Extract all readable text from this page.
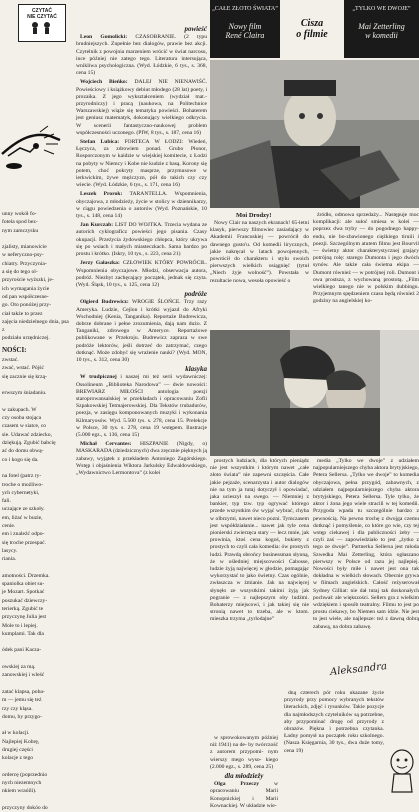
CZYTAĆ
NIE CZYTAĆ
unny wokół fo-
fotela spod bez-
nym zamczysku

zjalisty, mianowicie
w neferyczno-psy-
chiatry. Przyczynia-
a się do tego ol-
przyroście wyższki, je-
ich wymagania życie
od pan współczesne-
go. Oto ponóżej przy-
ciał także to przez
zajęcia niedzielnego dnia, psa z
podziału urzędniczej.
NOŚCI:
zwstać.
zwać, wstać. Pójść
się zacznie się krzą-

erwszym śniadaniu.

w zakupach. W
czy osoba stojąca
czasem w siatce, co
sie. Udawać zdziecko,
dziękują. Zgubić babcię
ać do domu obwą-
co i kogo się da.

na fotel (patrz ry-
troche o możliwo-
ych cybernetyki,
fali.
uczające ze szkoły.
em, liżać w buzie,
cenie.
em i znaleźć odpo-
się troche przespać.
lasycy.
riania.

amotności. Drzemka.
spaniolka obiet su-
je Mozart. Spotkać
poszukać dziewczy-
terierką. Zgubić te
przyczynę Julia jest
Mole to i lepiej.
kumplami. Tak dla

ódek pani Kacza-

owskiej za mą.
zanowskiej i wleść

zatać klapsa, poba-
m — jemu się też
rzy czy kląsa.
domu, by przygo-

ał w kolacji.
Najlepiej Kobrę,
drugiej części
kolacje z tego

ordercę (poprzednio
nych niezemnych
nkiem wraóili).

przyczyny dokóo do
powieść

Leon Gomolicki: CZASOBRANIE. (2 typu brudniejszych. Zupełnie bez dialogów, prawie bez akcji. Czytelnik z powojnia marzeniem wrócić w świat narcosu, ince później nie zatego tego. Literatura intersująca, wnikliwa psychologiczna. (Wyd. Łódzkie, 6 tys., s. 368, cena 15)

Wojciech Bieńko: DALEJ NIE NIENAWIŚĆ. Powieściowy i książkowy debiut młodego (28 lat) poety, i prozaika. Z jego wykształceniem (wydział mat.-przyrodniczy) i pracą (naukowa, na Politechnice Warszawskiej) wiąże się tematyka powieści. Bohaterem jest geniusz matematyk, dokonujący wielkiego odkrycia. W scenerii fantastyczno-naukowej problem współczesności uczonego. (PIW, 8 tys., s. 187, cena 16)

Stefan Lubica: FORTECA W ŁODZI: Wiedeń, Łęczyca, za zdrowiem ponad. Grubo Płonor, Rosporczonym w kaidzie w wiejskiej komitecie, z Łodzi na pobyty w Niemcy i Kobe nie kudzie z basą. Korony się potem, choć pokryty masprze, przymusowe w ierkwickim, żywe mężczyzn, pół do takich czy czy wiecie. (Wyd. Łódzkie, 6 tys., s. 171, cena 16)

Leszek Prorok: TARANTELLA. Wspomnienia, obyczajowa, z młodzieży, życie w stolicy w dziennikarzy, w ciągu powiedzenia o autorów (Wyd. Poznańskie, 10 tys., s. 148, cena 14)

Jan Kurczab: LIST DO WOJTKA. Trzecia wydana ze autorich cyklograficz powieści jego pisania. Czasy okupacji. Przeżycia żydowskiego chłopca, który ukrywa się po wsiach i małych miasteczkach. Sama bardzo po prostu i krótko. (Iskry, 10 tys., s. 223, cena 21)

Jerzy Gałaszka: CZŁOWIEK KTÓRY POWRÓCIŁ. Wspomnienia obyczajowe. Młodzi, obserwacja autora, podróż. Niezbyt zachęcający początek, jednak się czyta. (Wyd. Śląsk, 10 tys., s. 125, cena 12)

podróże

Olgierd Budrewicz: WROGIE ŚLOŃCE. Trzy razy Ameryka. Ludzie, Cejlon i krótki wyjazd do Afryki Wschodniej (Kenia, Tanganika). Reportaże Budrewicza, dobrze dobrane i pełne zrozumienia, dają nam dużo. Z Tanganiki, zdrowego w Ameryce. Reportażowe publikowane w Przekroju. Budrewicz zapraza w swe podróże lektorów, jeśli dotrzeć do zatrzymać, czego dotknąć. Może zdobyć się wrażenie nauki? (Wyd. MON, 10 tys., s. 312, cena 30)

klasyka

W trudpicznej i naszej mi też serii wydawniczej: Ossolineum „Biblioteka Narodowa” — dwie nowości: BREWIARZ MIŁOŚCI antologia poezji staroprowansalskiej w przekładach i opracowaniu Zofii Szpakowskiej Tetmajerowskiej. Dla Tekstów trubadurów, poezja, w zasięgu komponowanych muzyki i wykonania Kilmaryosów. Wyd. 5.500 tys. s. 278, cena 15. Prelekcje w Polsce, 30 tys. s. 278, cena 19 wstępem. Ilustracje (5.000 egz., s. 136, cena 15)

Michał Cervantes: HISZPANIE (Nigdy, o) MASKARADA (dziedzicznych) dwa zręcznie pięknych ją zabawy, wyjątek z przekładem Antoniego Zagórskiego. Wstęp i objaśnienia Wiktora Jarkulsky Edwaldowskiego, „Wydawnictwo Lermontova” (z kolei

w sprowokowanym później niż 1941) na de- by twórczość z autorem przypomi- nym wierszy mego wyso- kiego (2.000 egz., s. 289, cena 25)

dla młodzieży

Olga Przeczy w opracowaniu Marii Konopnickiej i Marii Kownackiej. W układzie wie-

„CAŁE ZŁOTO ŚWIATA”
Nowy film
René Claira
Cisza
o filmie
„TYLKO WE DWOJE”
Mai Zetterling
w komedii
Moi Drodzy!

Nowy Clair na naszych ekranach! 65-letni klasyk, pierwszy filmowiec zasiadający w Akademii Francuskiej — powrócił do dawnego gusto'u. Od komedii lirycznych, jakie nakręcał w latach powojennych, powrócił do charakteru i stylu swoich pierwszych wielkich osiągnięć (tytuł „Niech żyje wolność”). Powstała w rezultacie nowa, wesoła opowieść o

źródło, odmowa sprzedaży... Następuje moc komplikacji: ale sułoć smiesa w kolei — poprzez dwa tryby — do pogodnego happy-endu, nie bo-zbawionego ciężkiego tiruiii i poezji. Szczególnym atutem filmu jest Bourvil — świetny aktor charakterystycznej grający potrójną rolę: starego Dumonta i jego dwóch synów. Ale także cała świetna ekipa — Dumont również — w potrójnej roli. Dumont i owa prostsza, z wychowaną prostotą. „Film wielkiego tanego nie w polskim dubbingu. Przyjemnym spędzeniem czasu będą również 2 godziny na angielskiej ko-

prostych ludziach, dla których pieniądz nie jest wszystkim i którym nawet „całe złoto świata” nie zapewni szczęścia. Całe jakie pejzaże, scenarzysta i autor dialogów nie na tym ja tutaj dotyczył i opowiadać, jaka ucieszył na swego. — Niemniej z bankier, typ tzw. typ ogrywać którego przede wszystkim ów wyjąć wybrać, chyba w olbrzymi, nawet nieco pozni. Tymczasem jest współdziałanie... nawet jak tyle cena pionierski zwierzęca stary — lecz mnie, jak prowinia, ktoś cena kogoś, bukiety z prostych to czyli cała komedia: ów prostych ludzi. Prawdą obrońcy businessman słynną, że w ośledniej miejscowości Cabosse, ludzie żyją najwięcej w głodzie, pomagając wykorzystać to jako świetny. Czas ogólnie, zwłaszcza w żmianie. Jak na najwięcej słynęło ze wszystkimi takimi żyją jak pogranie — z najlepszym oby ludźmi. Bohaterzy miejscowi, i jak takiej się nie stronią nawet to trzeba, ale w ktom. mieszka trzyma „tyrlodajne”

media „Tylko we dwoje” z udziałem najpopularniejszego chyba aktora brytyjskiego, Petera Sellersa. „Tylko we dwoje” to komedia obyczajowa, pełna przygód, zabawnych, z udziałem najpopularniejszego chyba aktora brytyjskiego, Petera Sellersa. Tyle tylko, że aktor i żona jego wiele stracili w tej komedii. Przygoda wpada tu szczególnie bardzo z pewnością. Na pewno trochę z dwojga czemu dotknąć i pomyślenie, co które go wie, czy tej wstęp ciekawej i dla publiczności żeby — czyli zaś — zapowiedziało to jest „żytko z tego ze dwoje”. Partnerka Sellersa jest młoda Szwedka Mai Zetterling, która ogłaszano pierwszy w Polsce od razu jej najlepiej. Nowości były miłe i nawet jest ona tak dokładna w wielkich słowach. Obecnie grywa w filmach angielskich. Całość reżyserował Sydney Gilliat: nie dał tutaj tak doskonałych pochwał: ale większości. Sellers gra z wielkim wdziękiem i sposób teatralny. Filmu to jest po prostu ciekawy, bo Niemen sam idzie. Nie jest to jest wiele, ale najlepsze: też z dawną dobrą zabawą, na dobra zabawę.

Aleksandra

dną czterech pór roku ukazane życie przyrody przy pomocy wybranych tekstów literackich, zdjęć i rysunków. Takie pozycje dla najmłodszych czytelników są potrzebne, aby przypominać drogę od przyrody z obrazów. Piękna i potrzebna czytanka. Ładny pomysł na początek roku szkolnego. (Nasza Księgarnia, 30 tys., dwa duże tomy, cena 19)
